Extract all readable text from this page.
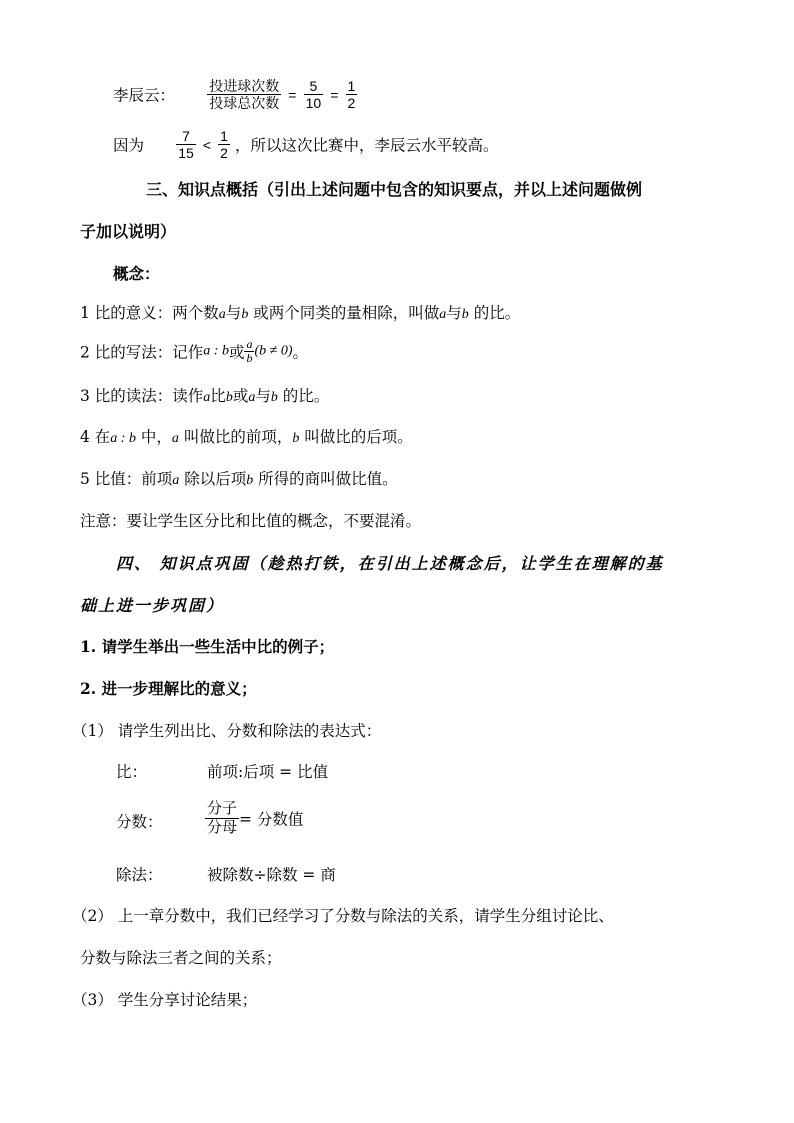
李辰云： $\frac{\text{投进球次数}}{\text{投球总次数}} = \frac{5}{10} = \frac{1}{2}$
因为 $\frac{7}{15} < \frac{1}{2}$ ，所以这次比赛中，李辰云水平较高。
三、知识点概括（引出上述问题中包含的知识要点，并以上述问题做例
子加以说明）
概念：
1 比的意义：两个数a与b 或两个同类的量相除，叫做a与b 的比。
2 比的写法：记作a : b或 $\frac{a}{b} (b \ne 0)$。
3 比的读法：读作a比b或a与b 的比。
4 在a : b 中，a 叫做比的前项，b 叫做比的后项。
5 比值：前项a 除以后项b 所得的商叫做比值。
注意：要让学生区分比和比值的概念，不要混淆。
四、 知识点巩固（趁热打铁，在引出上述概念后，让学生在理解的基
础上进一步巩固）
1. 请学生举出一些生活中比的例子；
2. 进一步理解比的意义；
（1） 请学生列出比、分数和除法的表达式：
比：	前项:后项 = 比值
分数：	$\frac{\text{分子}}{\text{分母}}$ = 分数值
除法：	被除数÷除数 = 商
（2） 上一章分数中，我们已经学习了分数与除法的关系，请学生分组讨论比、
分数与除法三者之间的关系；
（3） 学生分享讨论结果；
